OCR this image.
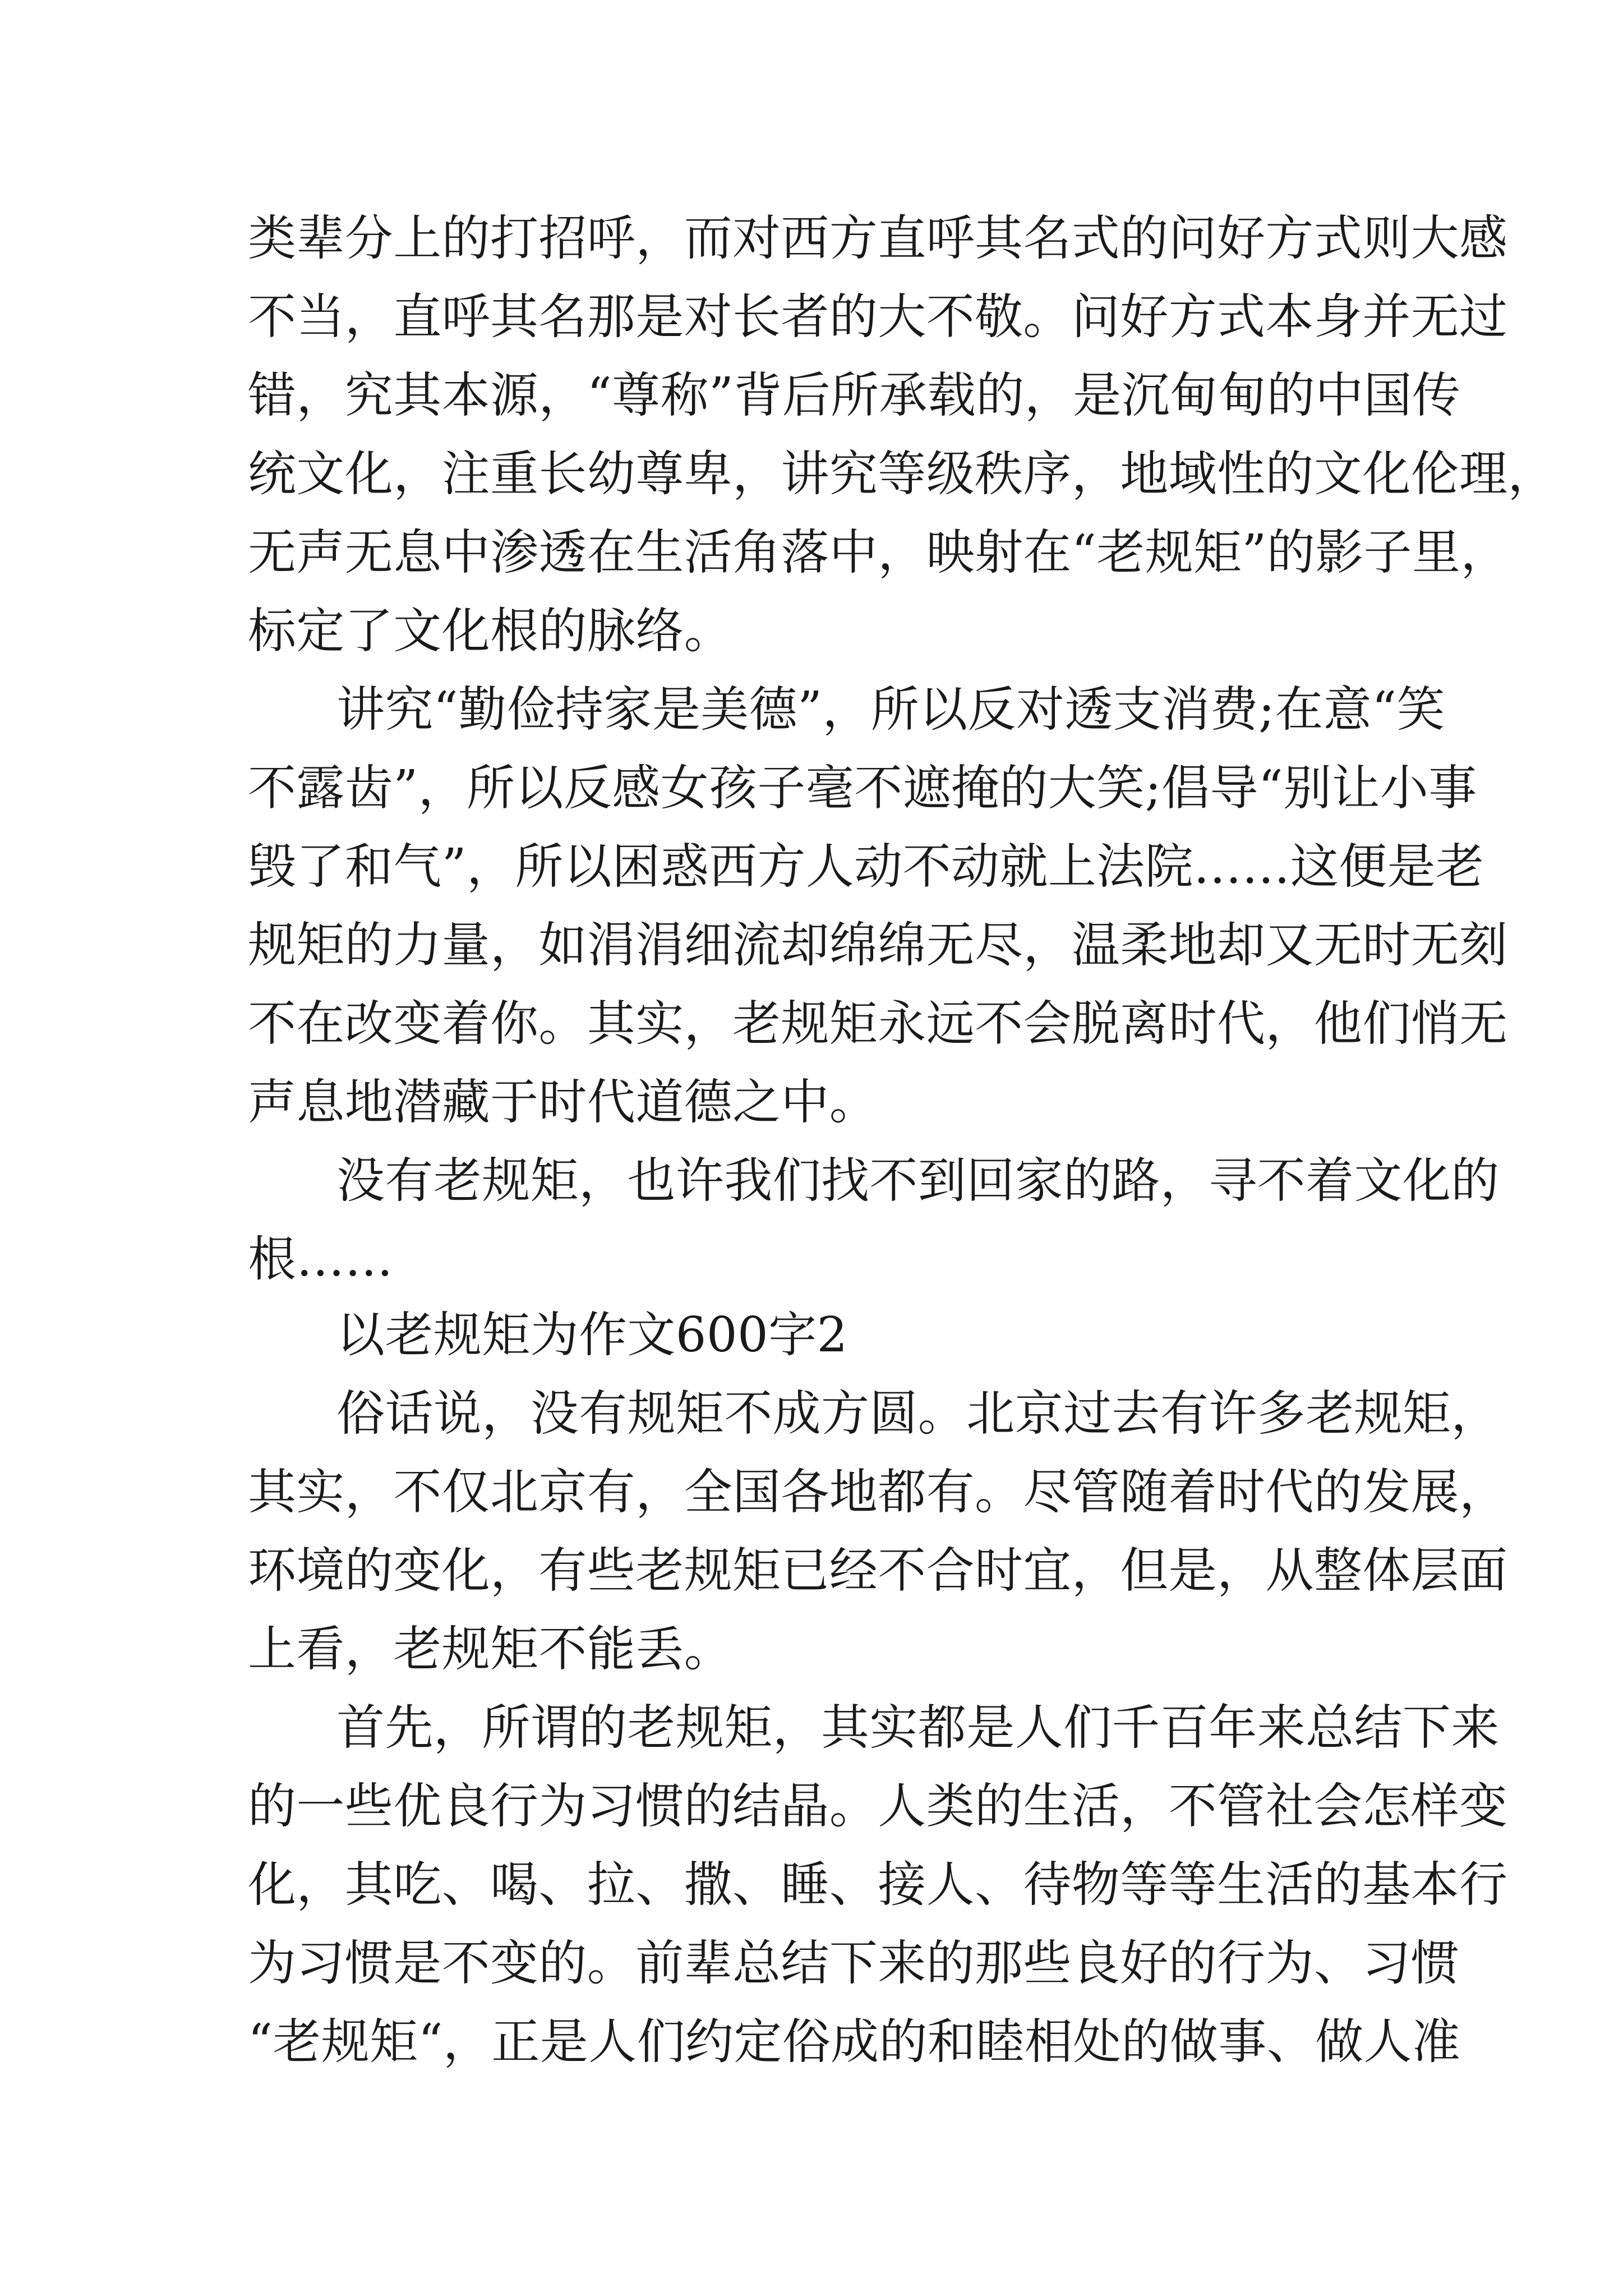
类辈分上的打招呼，而对西方直呼其名式的问好方式则大感

不当，直呼其名那是对长者的大不敬。问好方式本身并无过

错，究其本源，“尊称”背后所承载的，是沉甸甸的中国传

统文化，注重长幼尊卑，讲究等级秩序，地域性的文化伦理，

无声无息中渗透在生活角落中，映射在“老规矩”的影子里，

标定了文化根的脉络。

讲究“勤俭持家是美德”，所以反对透支消费;在意“笑

不露齿”，所以反感女孩子毫不遮掩的大笑;倡导“别让小事

毁了和气”，所以困惑西方人动不动就上法院……这便是老

规矩的力量，如涓涓细流却绵绵无尽，温柔地却又无时无刻

不在改变着你。其实，老规矩永远不会脱离时代，他们悄无

声息地潜藏于时代道德之中。

没有老规矩，也许我们找不到回家的路，寻不着文化的

根……

以老规矩为作文600字2

俗话说，没有规矩不成方圆。北京过去有许多老规矩，

其实，不仅北京有，全国各地都有。尽管随着时代的发展，

环境的变化，有些老规矩已经不合时宜，但是，从整体层面

上看，老规矩不能丢。

首先，所谓的老规矩，其实都是人们千百年来总结下来

的一些优良行为习惯的结晶。人类的生活，不管社会怎样变

化，其吃、喝、拉、撒、睡、接人、待物等等生活的基本行

为习惯是不变的。前辈总结下来的那些良好的行为、习惯

“老规矩“，正是人们约定俗成的和睦相处的做事、做人准
